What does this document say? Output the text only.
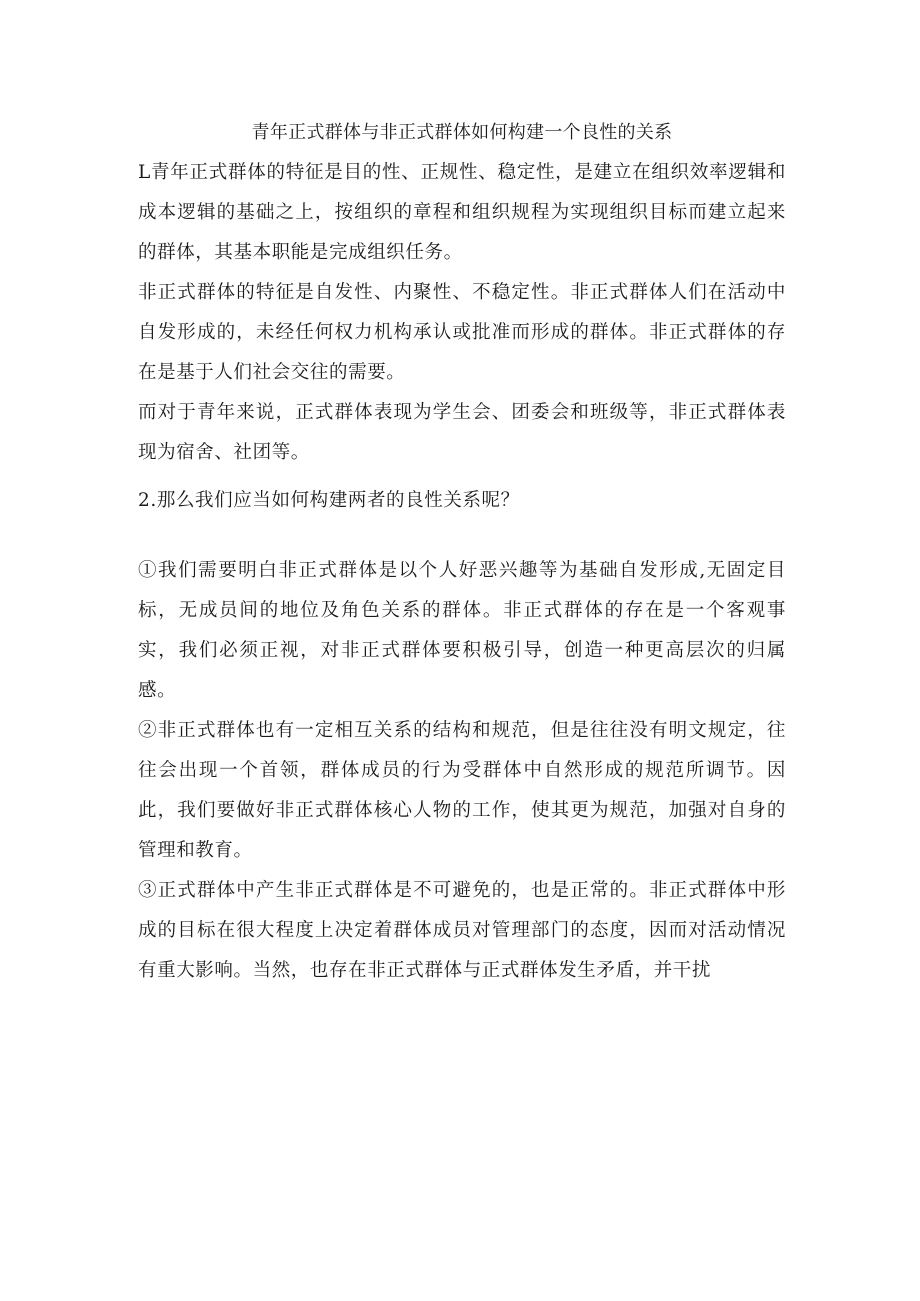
青年正式群体与非正式群体如何构建一个良性的关系

L青年正式群体的特征是目的性、正规性、稳定性，是建立在组织效率逻辑和成本逻辑的基础之上，按组织的章程和组织规程为实现组织目标而建立起来的群体，其基本职能是完成组织任务。

非正式群体的特征是自发性、内聚性、不稳定性。非正式群体人们在活动中自发形成的，未经任何权力机构承认或批准而形成的群体。非正式群体的存在是基于人们社会交往的需要。

而对于青年来说，正式群体表现为学生会、团委会和班级等，非正式群体表现为宿舍、社团等。

2.那么我们应当如何构建两者的良性关系呢？

①我们需要明白非正式群体是以个人好恶兴趣等为基础自发形成,无固定目标，无成员间的地位及角色关系的群体。非正式群体的存在是一个客观事实，我们必须正视，对非正式群体要积极引导，创造一种更高层次的归属感。

②非正式群体也有一定相互关系的结构和规范，但是往往没有明文规定，往往会出现一个首领，群体成员的行为受群体中自然形成的规范所调节。因此，我们要做好非正式群体核心人物的工作，使其更为规范，加强对自身的管理和教育。

③正式群体中产生非正式群体是不可避免的，也是正常的。非正式群体中形成的目标在很大程度上决定着群体成员对管理部门的态度，因而对活动情况有重大影响。当然，也存在非正式群体与正式群体发生矛盾，并干扰
